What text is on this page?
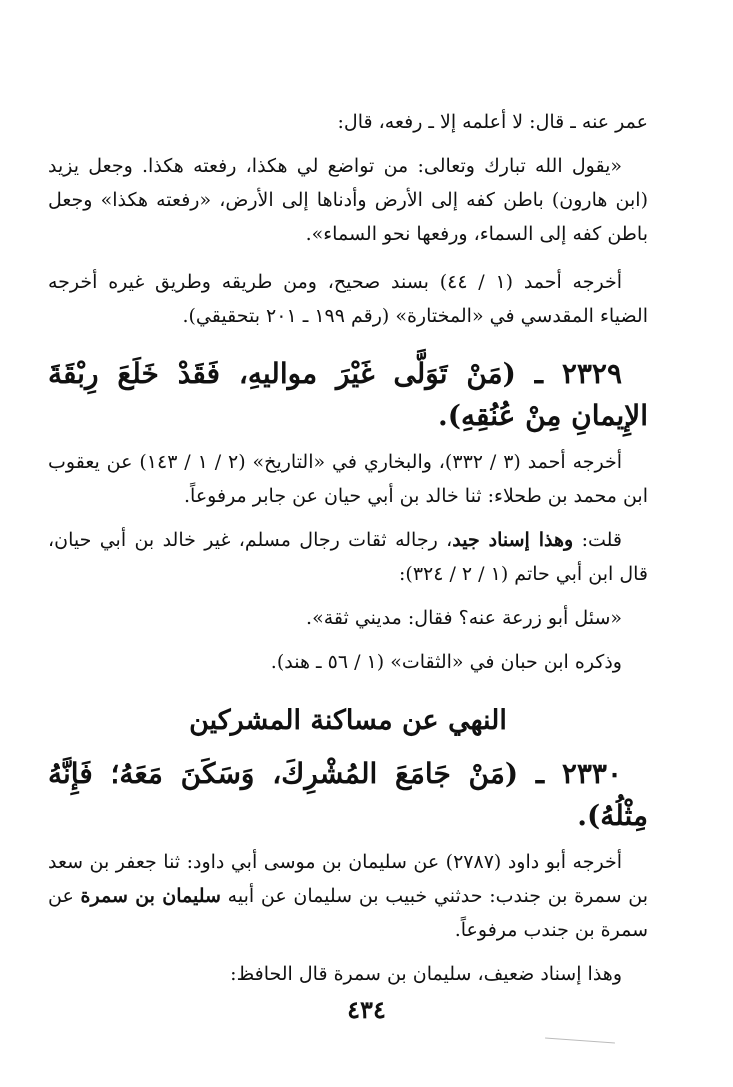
عمر عنه ـ قال: لا أعلمه إلا ـ رفعه، قال:

«يقول الله تبارك وتعالى: من تواضع لي هكذا، رفعته هكذا. وجعل يزيد (ابن هارون) باطن كفه إلى الأرض وأدناها إلى الأرض، «رفعته هكذا» وجعل باطن كفه إلى السماء، ورفعها نحو السماء».

أخرجه أحمد (١ / ٤٤) بسند صحيح، ومن طريقه وطريق غيره أخرجه الضياء المقدسي في «المختارة» (رقم ١٩٩ ـ ٢٠١ بتحقيقي).

٢٣٢٩ ـ (مَنْ تَوَلَّى غَيْرَ مواليهِ، فَقَدْ خَلَعَ رِبْقَةَ الإِيمانِ مِنْ عُنُقِهِ).

أخرجه أحمد (٣ / ٣٣٢)، والبخاري في «التاريخ» (٢ / ١ / ١٤٣) عن يعقوب ابن محمد بن طحلاء: ثنا خالد بن أبي حيان عن جابر مرفوعاً.

قلت: وهذا إسناد جيد، رجاله ثقات رجال مسلم، غير خالد بن أبي حيان، قال ابن أبي حاتم (١ / ٢ / ٣٢٤):

«سئل أبو زرعة عنه؟ فقال: مديني ثقة».

وذكره ابن حبان في «الثقات» (١ / ٥٦ ـ هند).

النهي عن مساكنة المشركين

٢٣٣٠ ـ (مَنْ جَامَعَ المُشْرِكَ، وَسَكَنَ مَعَهُ؛ فَإِنَّهُ مِثْلُهُ).

أخرجه أبو داود (٢٧٨٧) عن سليمان بن موسى أبي داود: ثنا جعفر بن سعد بن سمرة بن جندب: حدثني خبيب بن سليمان عن أبيه سليمان بن سمرة عن سمرة بن جندب مرفوعاً.

وهذا إسناد ضعيف، سليمان بن سمرة قال الحافظ:

٤٣٤
